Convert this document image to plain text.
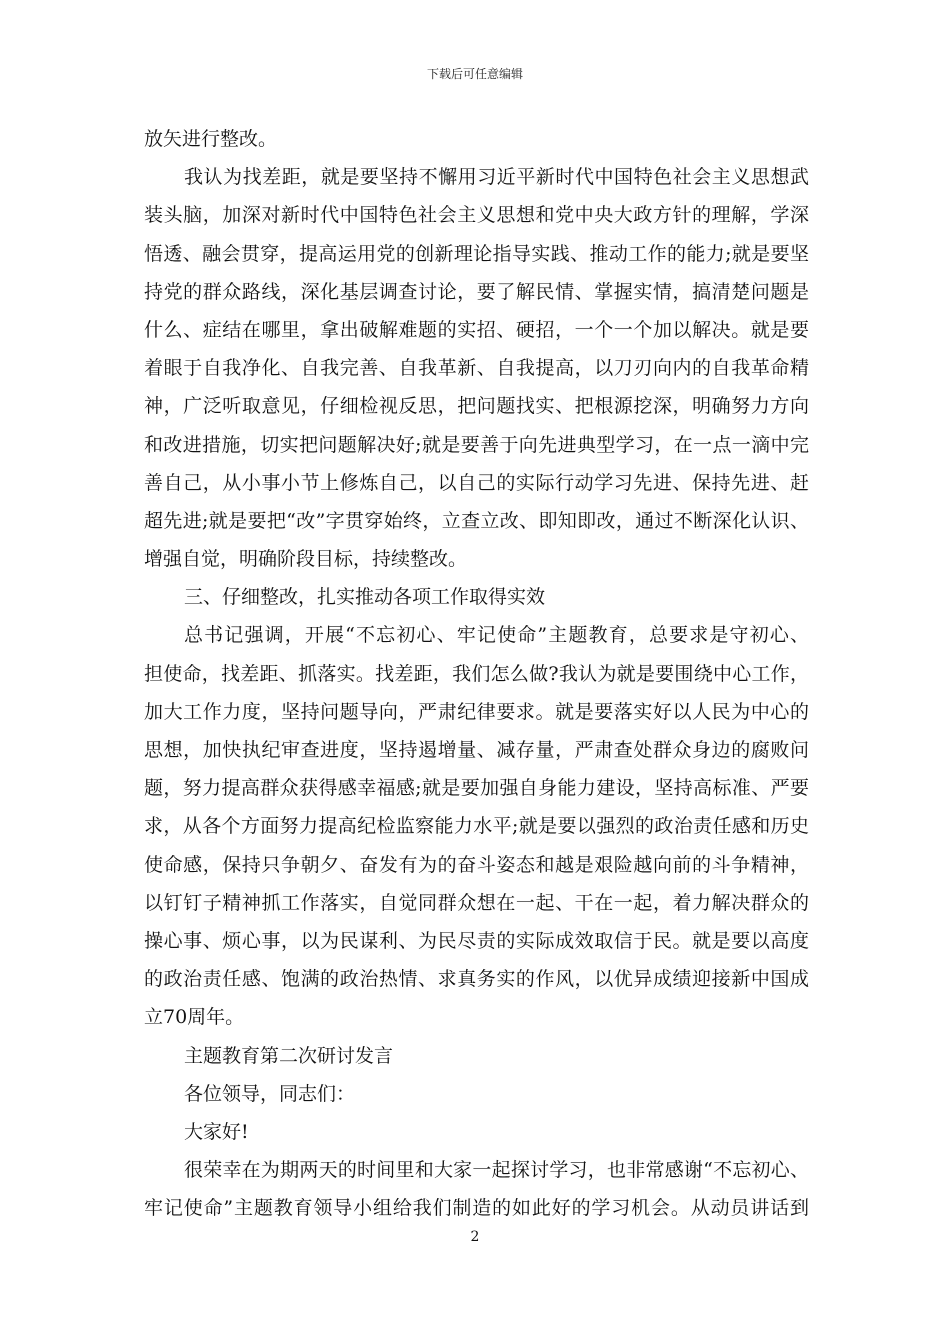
下载后可任意编辑
放矢进行整改。
我认为找差距，就是要坚持不懈用习近平新时代中国特色社会主义思想武
装头脑，加深对新时代中国特色社会主义思想和党中央大政方针的理解，学深
悟透、融会贯穿，提高运用党的创新理论指导实践、推动工作的能力;就是要坚
持党的群众路线，深化基层调查讨论，要了解民情、掌握实情，搞清楚问题是
什么、症结在哪里，拿出破解难题的实招、硬招，一个一个加以解决。就是要
着眼于自我净化、自我完善、自我革新、自我提高，以刀刃向内的自我革命精
神，广泛听取意见，仔细检视反思，把问题找实、把根源挖深，明确努力方向
和改进措施，切实把问题解决好;就是要善于向先进典型学习，在一点一滴中完
善自己，从小事小节上修炼自己，以自己的实际行动学习先进、保持先进、赶
超先进;就是要把“改”字贯穿始终，立查立改、即知即改，通过不断深化认识、
增强自觉，明确阶段目标，持续整改。
三、仔细整改，扎实推动各项工作取得实效
总书记强调，开展“不忘初心、牢记使命”主题教育，总要求是守初心、
担使命，找差距、抓落实。找差距，我们怎么做?我认为就是要围绕中心工作，
加大工作力度，坚持问题导向，严肃纪律要求。就是要落实好以人民为中心的
思想，加快执纪审查进度，坚持遏增量、减存量，严肃查处群众身边的腐败问
题，努力提高群众获得感幸福感;就是要加强自身能力建设，坚持高标准、严要
求，从各个方面努力提高纪检监察能力水平;就是要以强烈的政治责任感和历史
使命感，保持只争朝夕、奋发有为的奋斗姿态和越是艰险越向前的斗争精神，
以钉钉子精神抓工作落实，自觉同群众想在一起、干在一起，着力解决群众的
操心事、烦心事，以为民谋利、为民尽责的实际成效取信于民。就是要以高度
的政治责任感、饱满的政治热情、求真务实的作风，以优异成绩迎接新中国成
立70周年。
主题教育第二次研讨发言
各位领导，同志们：
大家好!
很荣幸在为期两天的时间里和大家一起探讨学习，也非常感谢“不忘初心、
牢记使命”主题教育领导小组给我们制造的如此好的学习机会。从动员讲话到
2
